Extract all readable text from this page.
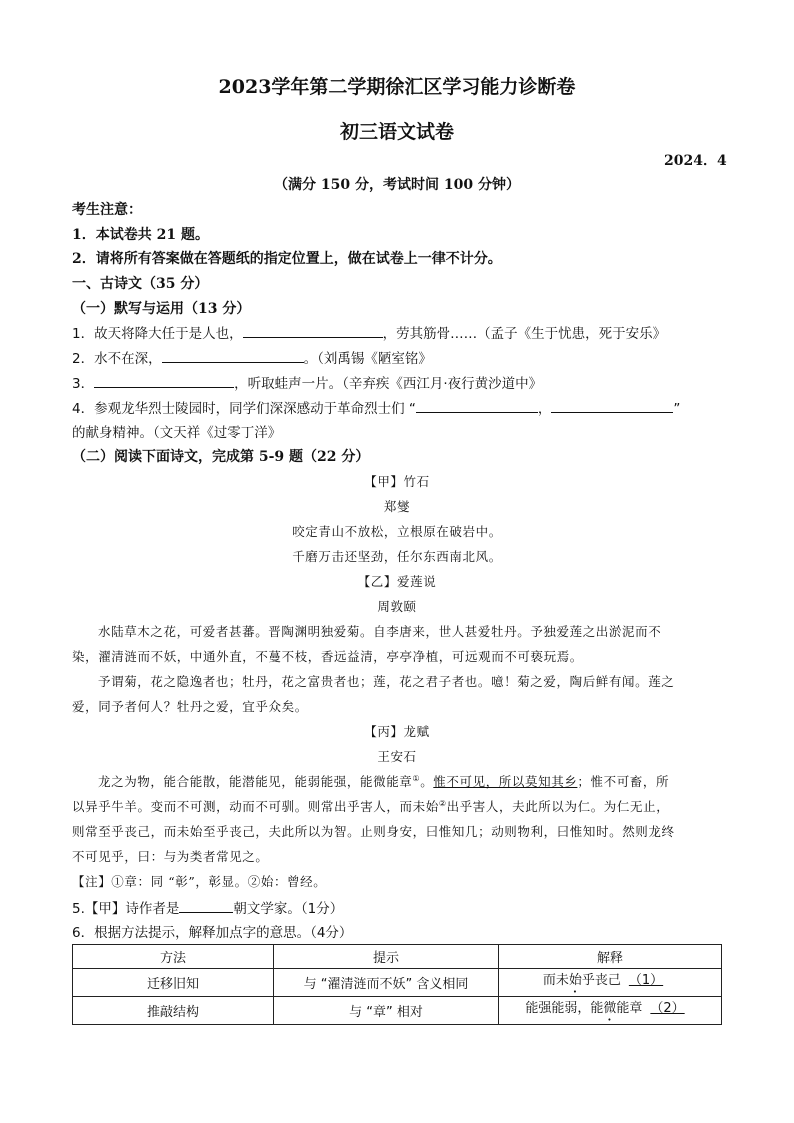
2023学年第二学期徐汇区学习能力诊断卷
初三语文试卷
2024．4
（满分 150 分，考试时间 100 分钟）
考生注意：
1．本试卷共 21 题。
2．请将所有答案做在答题纸的指定位置上，做在试卷上一律不计分。
一、古诗文（35 分）
（一）默写与运用（13 分）
1．故天将降大任于是人也，	，劳其筋骨……（孟子《生于忧患，死于安乐》
2．水不在深，	。（刘禹锡《陋室铭》
3．	，听取蛙声一片。（辛弃疾《西江月·夜行黄沙道中》
4．参观龙华烈士陵园时，同学们深深感动于革命烈士们 “	，	”
的献身精神。（文天祥《过零丁洋》
（二）阅读下面诗文，完成第 5-9 题（22 分）
【甲】竹石
郑燮
咬定青山不放松，立根原在破岩中。
千磨万击还坚劲，任尔东西南北风。
【乙】爱莲说
周敦颐
水陆草木之花，可爱者甚蕃。晋陶渊明独爱菊。自李唐来，世人甚爱牡丹。予独爱莲之出淤泥而不
染，濯清涟而不妖，中通外直，不蔓不枝，香远益清，亭亭净植，可远观而不可亵玩焉。
予谓菊，花之隐逸者也；牡丹，花之富贵者也；莲，花之君子者也。噫！菊之爱，陶后鲜有闻。莲之
爱，同予者何人？牡丹之爱，宜乎众矣。
【丙】龙赋
王安石
龙之为物，能合能散，能潜能见，能弱能强，能微能章①。惟不可见，所以莫知其乡；惟不可畜，所
以异乎牛羊。变而不可测，动而不可驯。则常出乎害人，而未始②出乎害人，夫此所以为仁。为仁无止，
则常至乎丧己，而未始至乎丧己，夫此所以为智。止则身安，曰惟知几；动则物利，曰惟知时。然则龙终
不可见乎，曰：与为类者常见之。
【注】①章：同 “彰”，彰显。②始：曾经。
5.【甲】诗作者是	朝文学家。（1分）
6．根据方法提示，解释加点字的意思。（4分）
方法	提示	解释
迁移旧知	与 “濯清涟而不妖” 含义相同	而未始乎丧己 （1）
推敲结构	与 “章” 相对	能强能弱，能微能章 （2）
